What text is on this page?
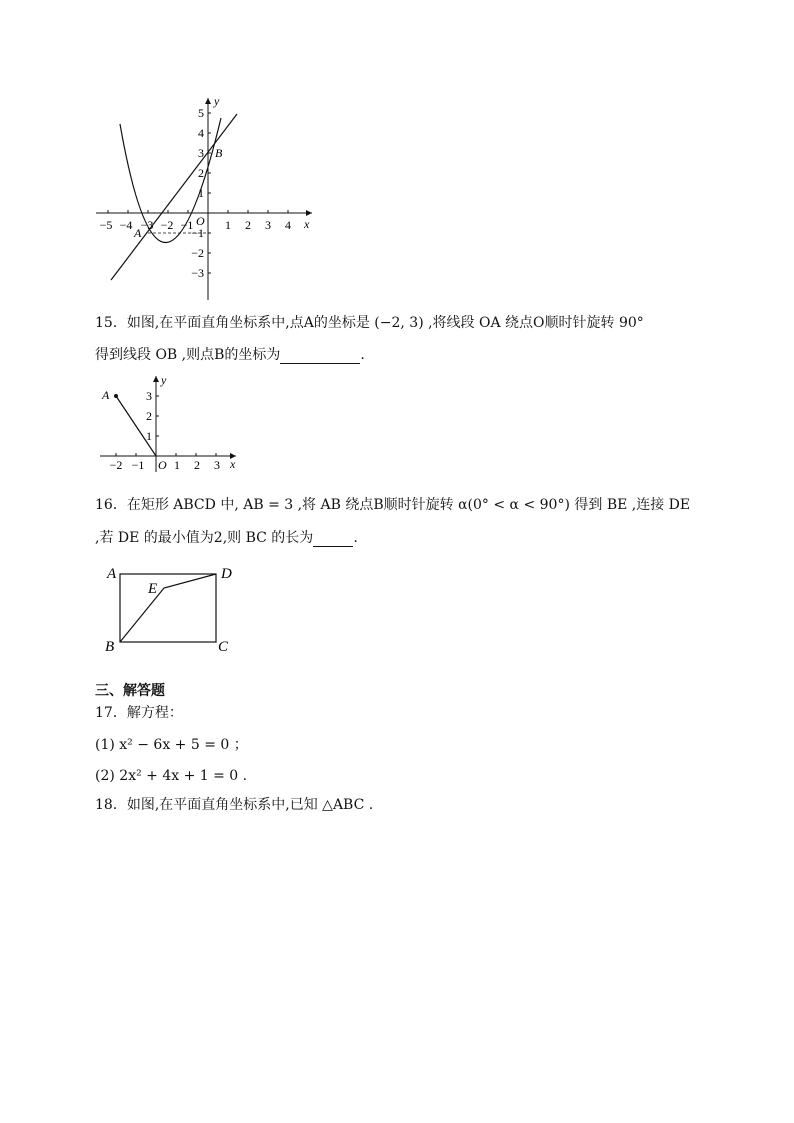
y
x
O
B
A
−5 −4 −3 −2 −1	1 2 3 4
5
4
3
2
1
−1
−2
−3
15．如图,在平面直角坐标系中,点A的坐标是 (−2, 3) ,将线段 OA 绕点O顺时针旋转 90°
得到线段 OB ,则点B的坐标为	.
A
y
x
O
−2 −1 1 2 3
3
2
1
16．在矩形 ABCD 中, AB = 3 ,将 AB 绕点B顺时针旋转 α(0° < α < 90°) 得到 BE ,连接 DE
,若 DE 的最小值为2,则 BC 的长为	.
A	D
B	C
E
三、解答题
17．解方程：
(1) x² − 6x + 5 = 0 ；
(2) 2x² + 4x + 1 = 0 .
18．如图,在平面直角坐标系中,已知 △ABC .
